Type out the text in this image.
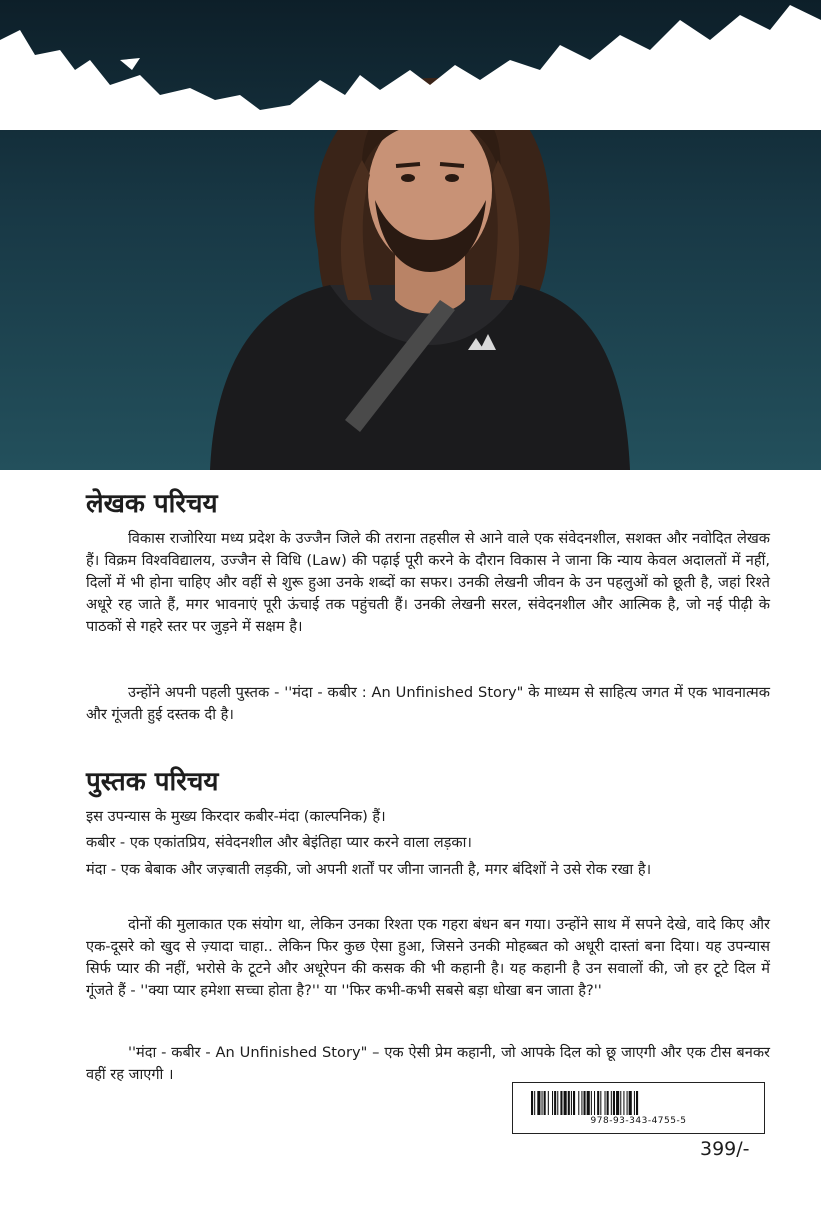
लेखक परिचय

विकास राजोरिया मध्य प्रदेश के उज्जैन जिले की तराना तहसील से आने वाले एक संवेदनशील, सशक्त और नवोदित लेखक हैं। विक्रम विश्वविद्यालय, उज्जैन से विधि (Law) की पढ़ाई पूरी करने के दौरान विकास ने जाना कि न्याय केवल अदालतों में नहीं, दिलों में भी होना चाहिए और वहीं से शुरू हुआ उनके शब्दों का सफर। उनकी लेखनी जीवन के उन पहलुओं को छूती है, जहां रिश्ते अधूरे रह जाते हैं, मगर भावनाएं पूरी ऊंचाई तक पहुंचती हैं। उनकी लेखनी सरल, संवेदनशील और आत्मिक है, जो नई पीढ़ी के पाठकों से गहरे स्तर पर जुड़ने में सक्षम है।

उन्होंने अपनी पहली पुस्तक - ''मंदा - कबीर : An Unfinished Story" के माध्यम से साहित्य जगत में एक भावनात्मक और गूंजती हुई दस्तक दी है।

पुस्तक परिचय

इस उपन्यास के मुख्य किरदार कबीर-मंदा (काल्पनिक) हैं।

कबीर - एक एकांतप्रिय, संवेदनशील और बेइंतिहा प्यार करने वाला लड़का।

मंदा - एक बेबाक और जज़्बाती लड़की, जो अपनी शर्तों पर जीना जानती है, मगर बंदिशों ने उसे रोक रखा है।

दोनों की मुलाकात एक संयोग था, लेकिन उनका रिश्ता एक गहरा बंधन बन गया। उन्होंने साथ में सपने देखे, वादे किए और एक-दूसरे को खुद से ज़्यादा चाहा.. लेकिन फिर कुछ ऐसा हुआ, जिसने उनकी मोहब्बत को अधूरी दास्तां बना दिया। यह उपन्यास सिर्फ प्यार की नहीं, भरोसे के टूटने और अधूरेपन की कसक की भी कहानी है। यह कहानी है उन सवालों की, जो हर टूटे दिल में गूंजते हैं - ''क्या प्यार हमेशा सच्चा होता है?'' या ''फिर कभी-कभी सबसे बड़ा धोखा बन जाता है?''

''मंदा - कबीर - An Unfinished Story" – एक ऐसी प्रेम कहानी, जो आपके दिल को छू जाएगी और एक टीस बनकर वहीं रह जाएगी ।

978-93-343-4755-5
399/-
